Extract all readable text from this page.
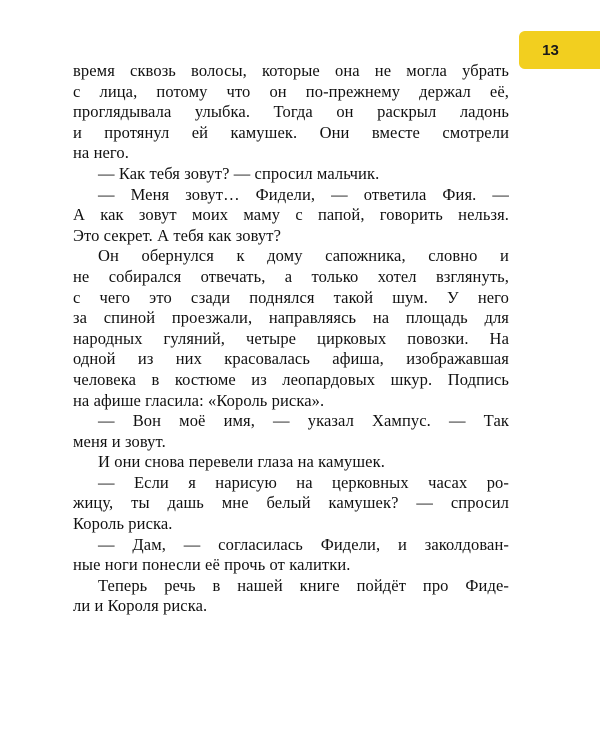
13
время сквозь волосы, которые она не могла убрать
с лица, потому что он по-прежнему держал её,
проглядывала улыбка. Тогда он раскрыл ладонь
и протянул ей камушек. Они вместе смотрели
на него.
— Как тебя зовут? — спросил мальчик.
— Меня зовут… Фидели, — ответила Фия. —
А как зовут моих маму с папой, говорить нельзя.
Это секрет. А тебя как зовут?
Он обернулся к дому сапожника, словно и
не собирался отвечать, а только хотел взглянуть,
с чего это сзади поднялся такой шум. У него
за спиной проезжали, направляясь на площадь для
народных гуляний, четыре цирковых повозки. На
одной из них красовалась афиша, изображавшая
человека в костюме из леопардовых шкур. Подпись
на афише гласила: «Король риска».
— Вон моё имя, — указал Хампус. — Так
меня и зовут.
И они снова перевели глаза на камушек.
— Если я нарисую на церковных часах ро-
жицу, ты дашь мне белый камушек? — спросил
Король риска.
— Дам, — согласилась Фидели, и заколдован-
ные ноги понесли её прочь от калитки.
Теперь речь в нашей книге пойдёт про Фиде-
ли и Короля риска.
